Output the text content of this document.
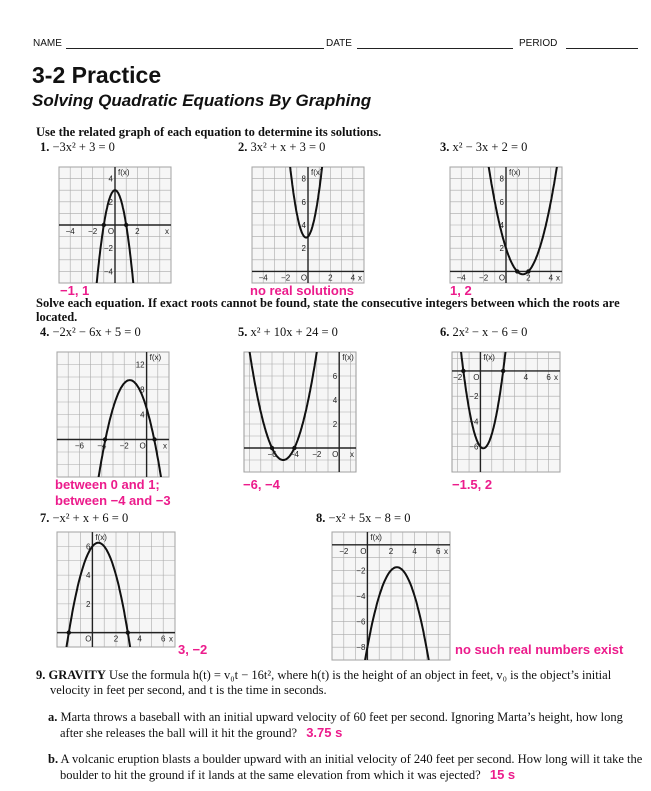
NAME	DATE	PERIOD
3-2 Practice
Solving Quadratic Equations By Graphing
Use the related graph of each equation to determine its solutions.
1. −3x² + 3 = 0	2. 3x² + x + 3 = 0	3. x² − 3x + 2 = 0
−4 −2	2
4
2
−2
−4
O
f(x)
x
−4 −2	2 4
8
6
4
2
O
f(x)
x	−4 −2	2 4
8
6
4
2
O
f(x)
x
−1, 1	no real solutions	1, 2
Solve each equation. If exact roots cannot be found, state the consecutive integers between which the roots are located.
4. −2x² − 6x + 5 = 0	5. x² + 10x + 24 = 0	6. 2x² − x − 6 = 0
−6 −4 −2
12
8
4
O
f(x)
x
−6 −4 −2
6
4
2
O
f(x)
x
−2	4 6
−2
−4
−6
O
f(x)
x
between 0 and 1;
between −4 and −3
−6, −4	−1.5, 2
7. −x² + x + 6 = 0	8. −x² + 5x − 8 = 0
2 4 6
6
4
2
O
f(x)
x
−2	2 4 6
−2
−4
−6
−8
O
f(x)
x
3, −2	no such real numbers exist
9. GRAVITY Use the formula h(t) = v₀t − 16t², where h(t) is the height of an object in feet, v₀ is the object’s initial velocity in feet per second, and t is the time in seconds.
a. Marta throws a baseball with an initial upward velocity of 60 feet per second. Ignoring Marta’s height, how long after she releases the ball will it hit the ground? 3.75 s
b. A volcanic eruption blasts a boulder upward with an initial velocity of 240 feet per second. How long will it take the boulder to hit the ground if it lands at the same elevation from which it was ejected? 15 s
